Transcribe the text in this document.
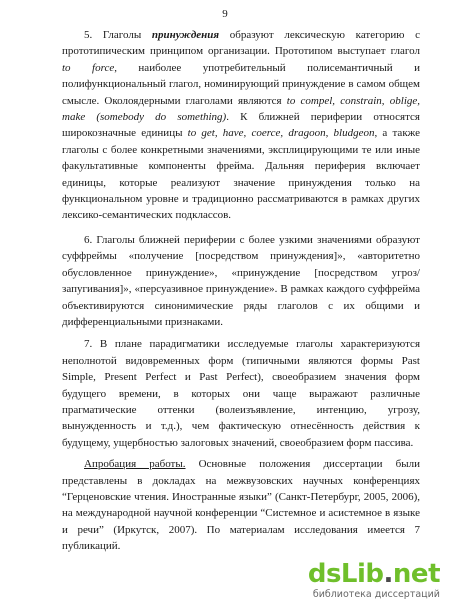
9

5. Глаголы принуждения образуют лексическую категорию с прототипическим принципом организации. Прототипом выступает глагол to force, наиболее употребительный полисемантичный и полифункциональный глагол, номинирующий принуждение в самом общем смысле. Околоядерными глаголами являются to compel, constrain, oblige, make (somebody do something). К ближней периферии относятся широкозначные единицы to get, have, coerce, dragoon, bludgeon, а также глаголы с более конкретными значениями, эксплицирующими те или иные факультативные компоненты фрейма. Дальняя периферия включает единицы, которые реализуют значение принуждения только на функциональном уровне и традиционно рассматриваются в рамках других лексико-семантических подклассов.

6. Глаголы ближней периферии с более узкими значениями образуют суффреймы «получение [посредством принуждения]», «авторитетно обусловленное принуждение», «принуждение [посредством угроз/запугивания]», «персуазивное принуждение». В рамках каждого суффрейма объективируются синонимические ряды глаголов с их общими и дифференциальными признаками.

7. В плане парадигматики исследуемые глаголы характеризуются неполнотой видовременных форм (типичными являются формы Past Simple, Present Perfect и Past Perfect), своеобразием значения форм будущего времени, в которых они чаще выражают различные прагматические оттенки (волеизъявление, интенцию, угрозу, вынужденность и т.д.), чем фактическую отнесённость действия к будущему, ущербностью залоговых значений, своеобразием форм пассива.

Апробация работы. Основные положения диссертации были представлены в докладах на межвузовских научных конференциях “Герценовские чтения. Иностранные языки” (Санкт-Петербург, 2005, 2006), на международной научной конференции “Системное и асистемное в языке и речи” (Иркутск, 2007). По материалам исследования имеется 7 публикаций.

dsLib.net
библиотека диссертаций
